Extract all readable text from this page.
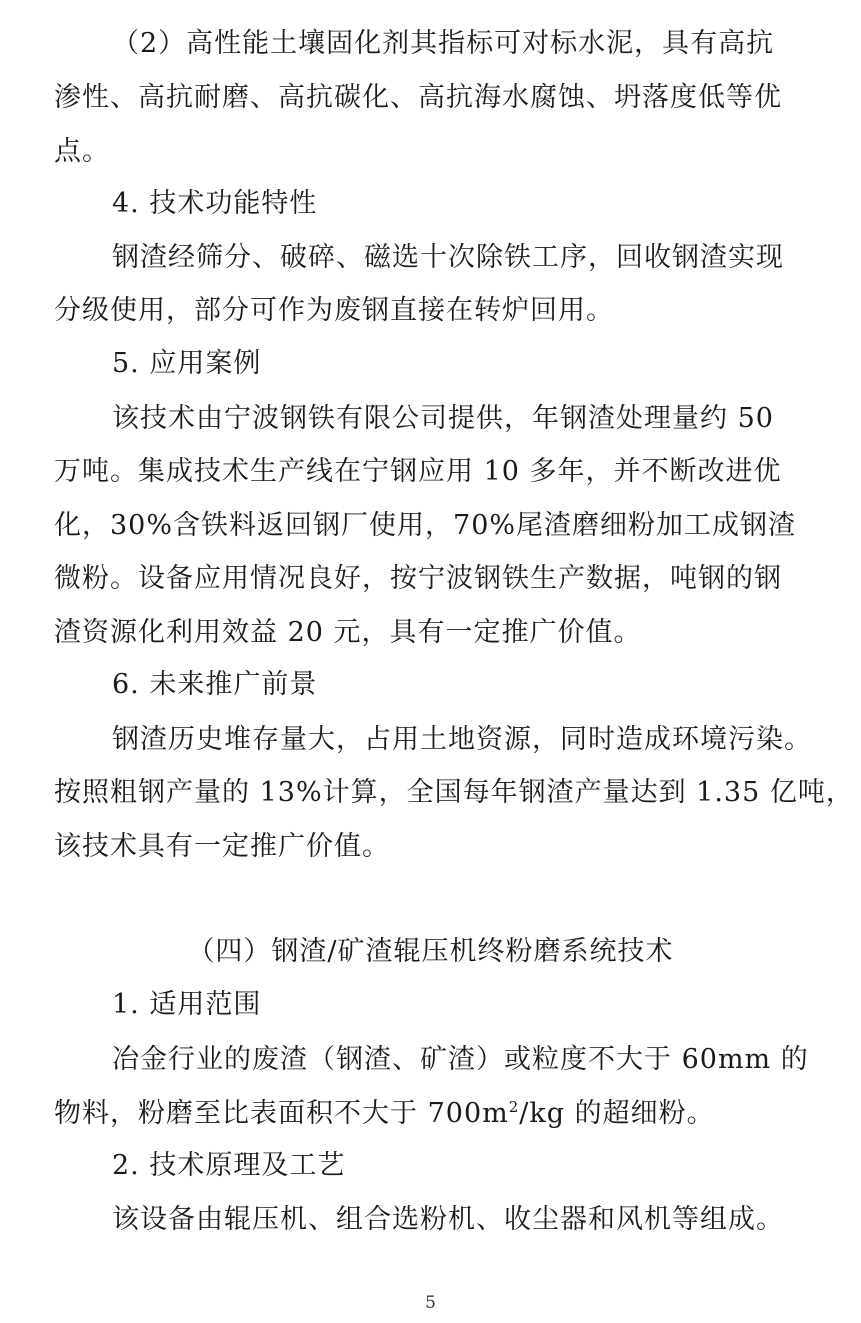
（2）高性能土壤固化剂其指标可对标水泥，具有高抗
渗性、高抗耐磨、高抗碳化、高抗海水腐蚀、坍落度低等优
点。
4. 技术功能特性
钢渣经筛分、破碎、磁选十次除铁工序，回收钢渣实现
分级使用，部分可作为废钢直接在转炉回用。
5. 应用案例
该技术由宁波钢铁有限公司提供，年钢渣处理量约 50
万吨。集成技术生产线在宁钢应用 10 多年，并不断改进优
化，30%含铁料返回钢厂使用，70%尾渣磨细粉加工成钢渣
微粉。设备应用情况良好，按宁波钢铁生产数据，吨钢的钢
渣资源化利用效益 20 元，具有一定推广价值。
6. 未来推广前景
钢渣历史堆存量大，占用土地资源，同时造成环境污染。
按照粗钢产量的 13%计算，全国每年钢渣产量达到 1.35 亿吨，
该技术具有一定推广价值。
（四）钢渣/矿渣辊压机终粉磨系统技术
1. 适用范围
冶金行业的废渣（钢渣、矿渣）或粒度不大于 60mm 的
物料，粉磨至比表面积不大于 $700m^2/kg$ 的超细粉。
2. 技术原理及工艺
该设备由辊压机、组合选粉机、收尘器和风机等组成。
5
